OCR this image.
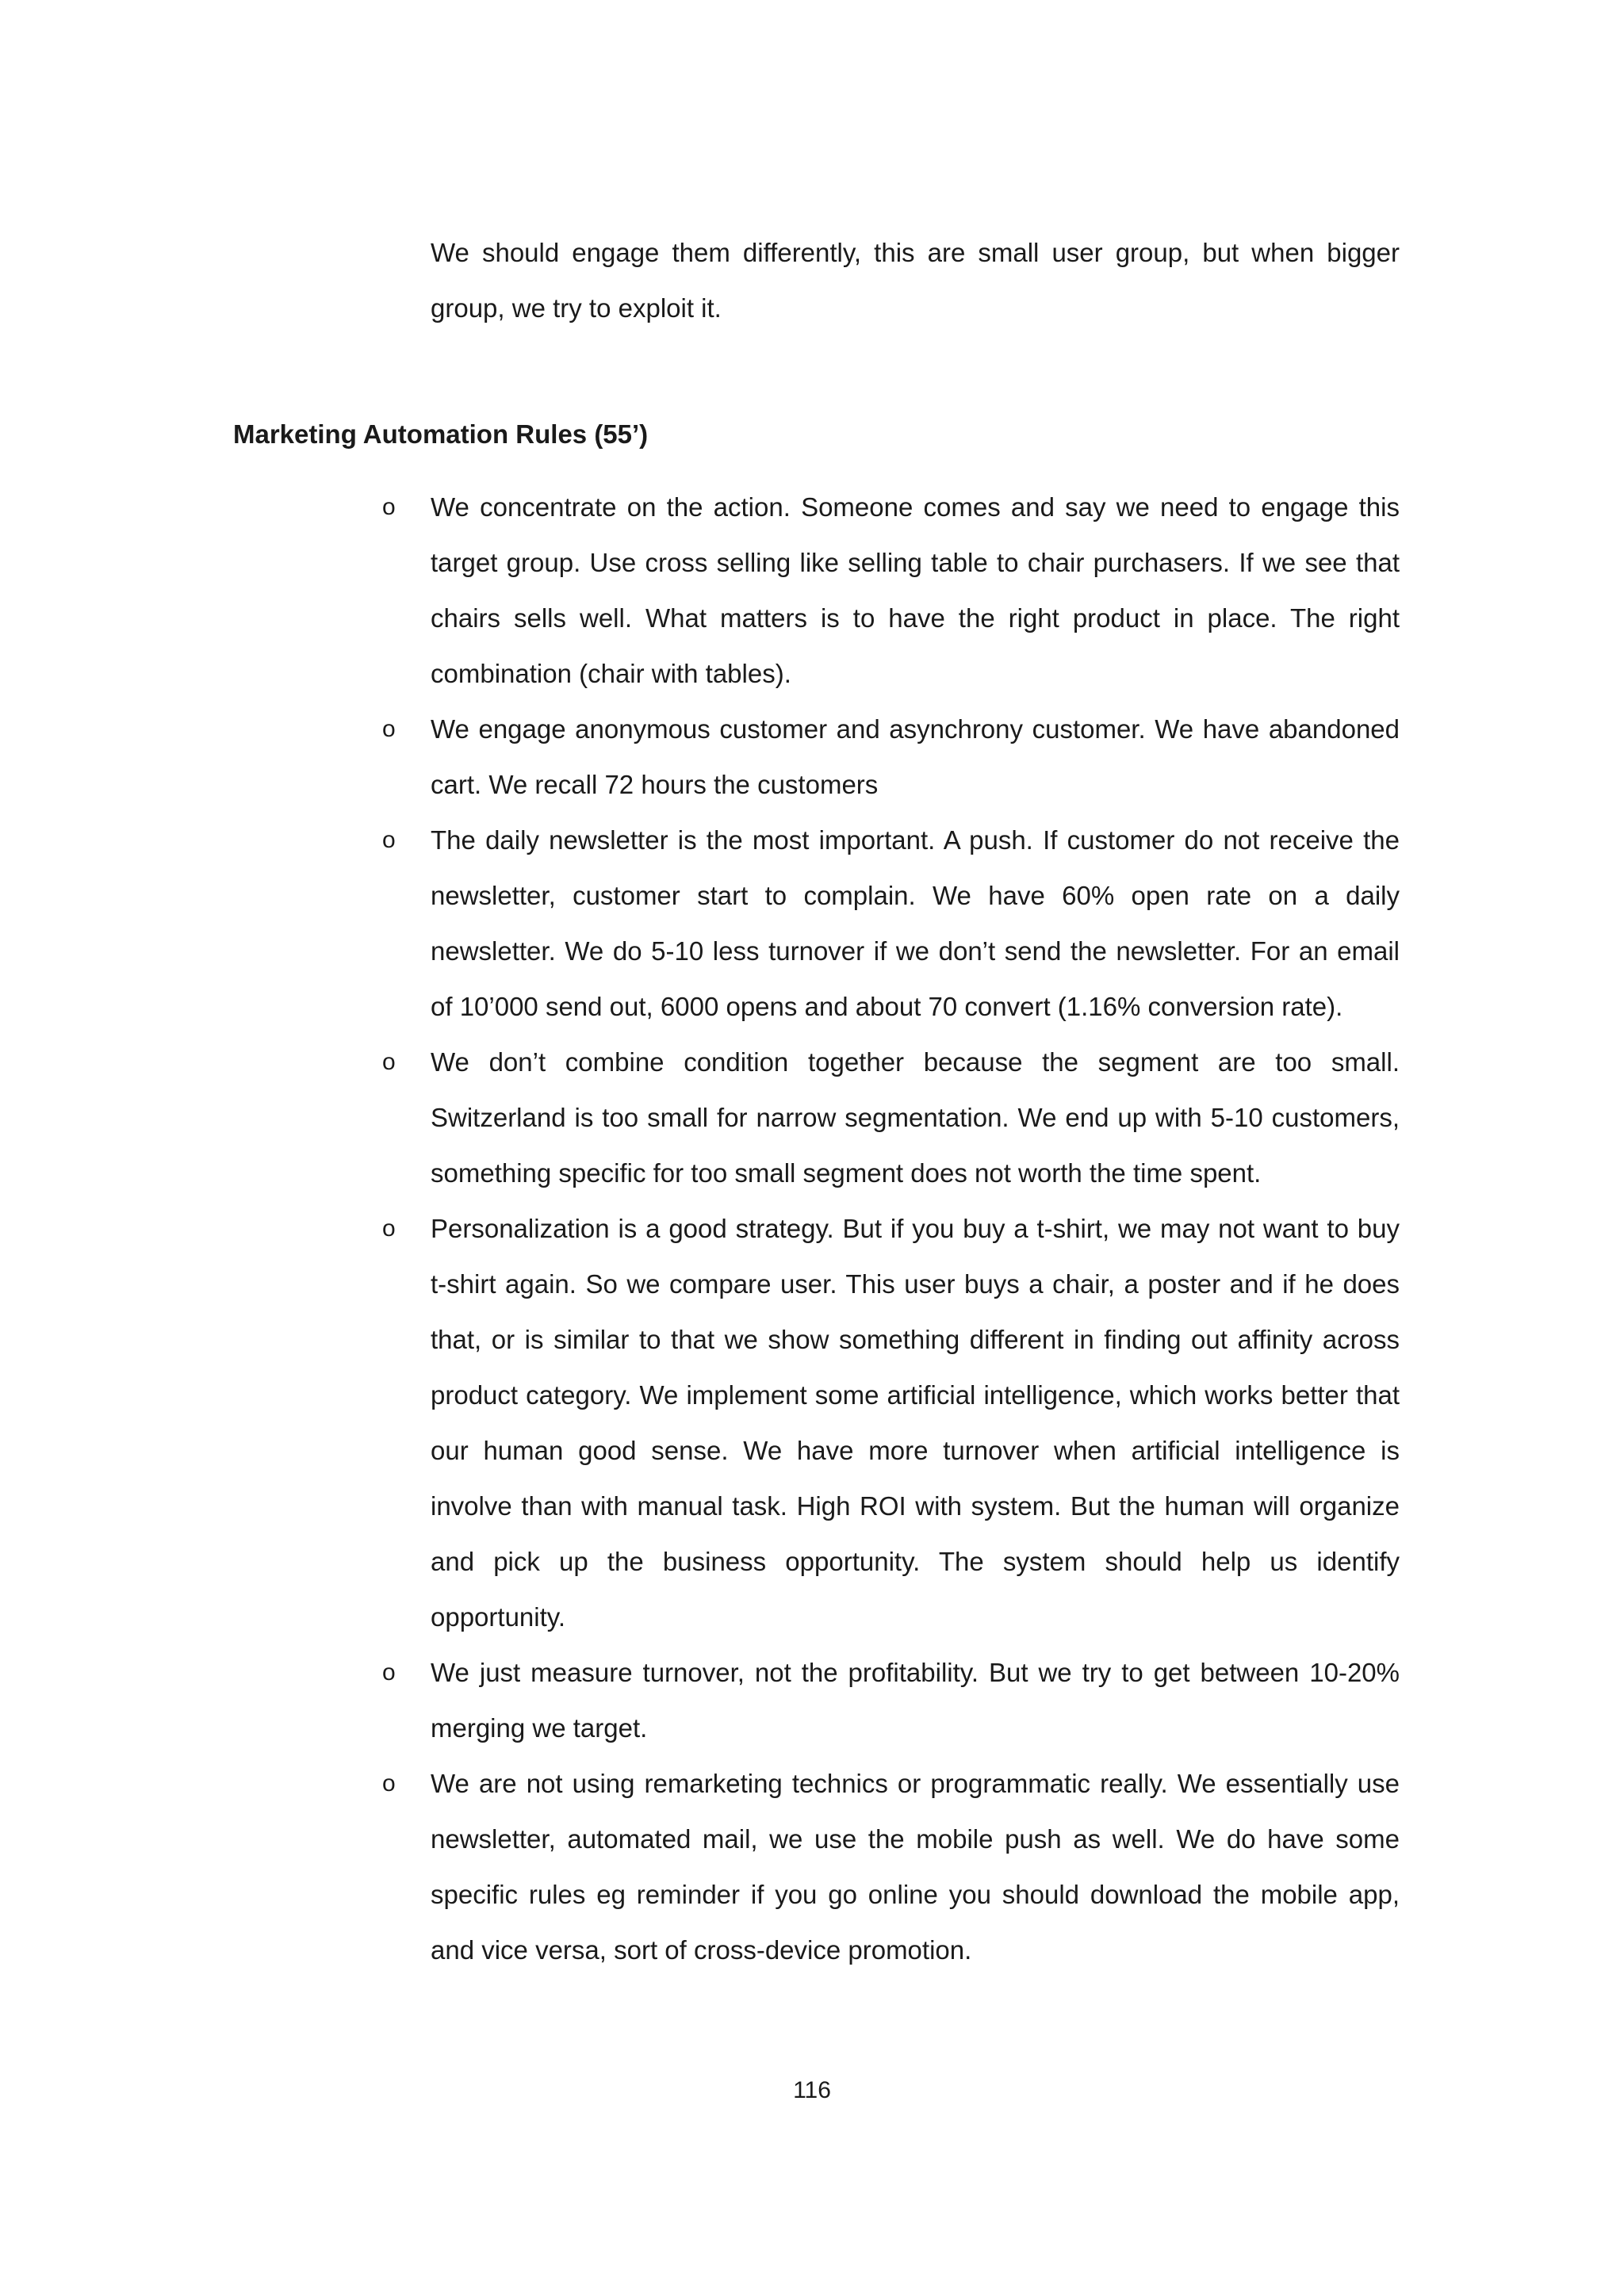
We should engage them differently, this are small user group, but when bigger group, we try to exploit it.

Marketing Automation Rules (55’)
o We concentrate on the action. Someone comes and say we need to engage this target group. Use cross selling like selling table to chair purchasers. If we see that chairs sells well. What matters is to have the right product in place. The right combination (chair with tables).
o We engage anonymous customer and asynchrony customer. We have abandoned cart. We recall 72 hours the customers
o The daily newsletter is the most important. A push. If customer do not receive the newsletter, customer start to complain. We have 60% open rate on a daily newsletter. We do 5-10 less turnover if we don’t send the newsletter. For an email of 10’000 send out, 6000 opens and about 70 convert (1.16% conversion rate).
o We don’t combine condition together because the segment are too small. Switzerland is too small for narrow segmentation. We end up with 5-10 customers, something specific for too small segment does not worth the time spent.
o Personalization is a good strategy. But if you buy a t-shirt, we may not want to buy t-shirt again. So we compare user. This user buys a chair, a poster and if he does that, or is similar to that we show something different in finding out affinity across product category. We implement some artificial intelligence, which works better that our human good sense. We have more turnover when artificial intelligence is involve than with manual task. High ROI with system. But the human will organize and pick up the business opportunity. The system should help us identify opportunity.
o We just measure turnover, not the profitability. But we try to get between 10-20% merging we target.
o We are not using remarketing technics or programmatic really. We essentially use newsletter, automated mail, we use the mobile push as well. We do have some specific rules eg reminder if you go online you should download the mobile app, and vice versa, sort of cross-device promotion.

116
